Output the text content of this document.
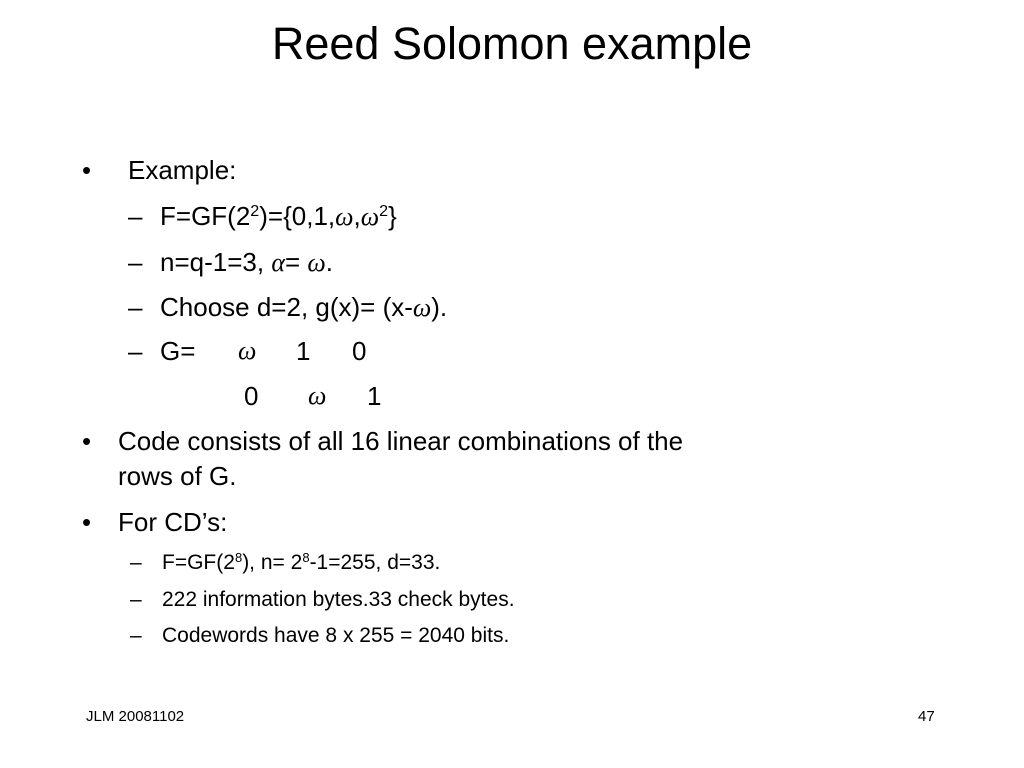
Reed Solomon example
• Example:
– $F=GF(2^2)=\{0,1,\omega,\omega^2\}$
– n=q-1=3, α= ω.
– Choose d=2, g(x)= (x-ω).
– G= ω 1 0
0 ω 1
• Code consists of all 16 linear combinations of the
rows of G.
• For CD’s:
– $F=GF(2^8)$, $n= 2^8-1=255$, d=33.
– 222 information bytes.33 check bytes.
– Codewords have 8 x 255 = 2040 bits.
JLM 20081102	47
